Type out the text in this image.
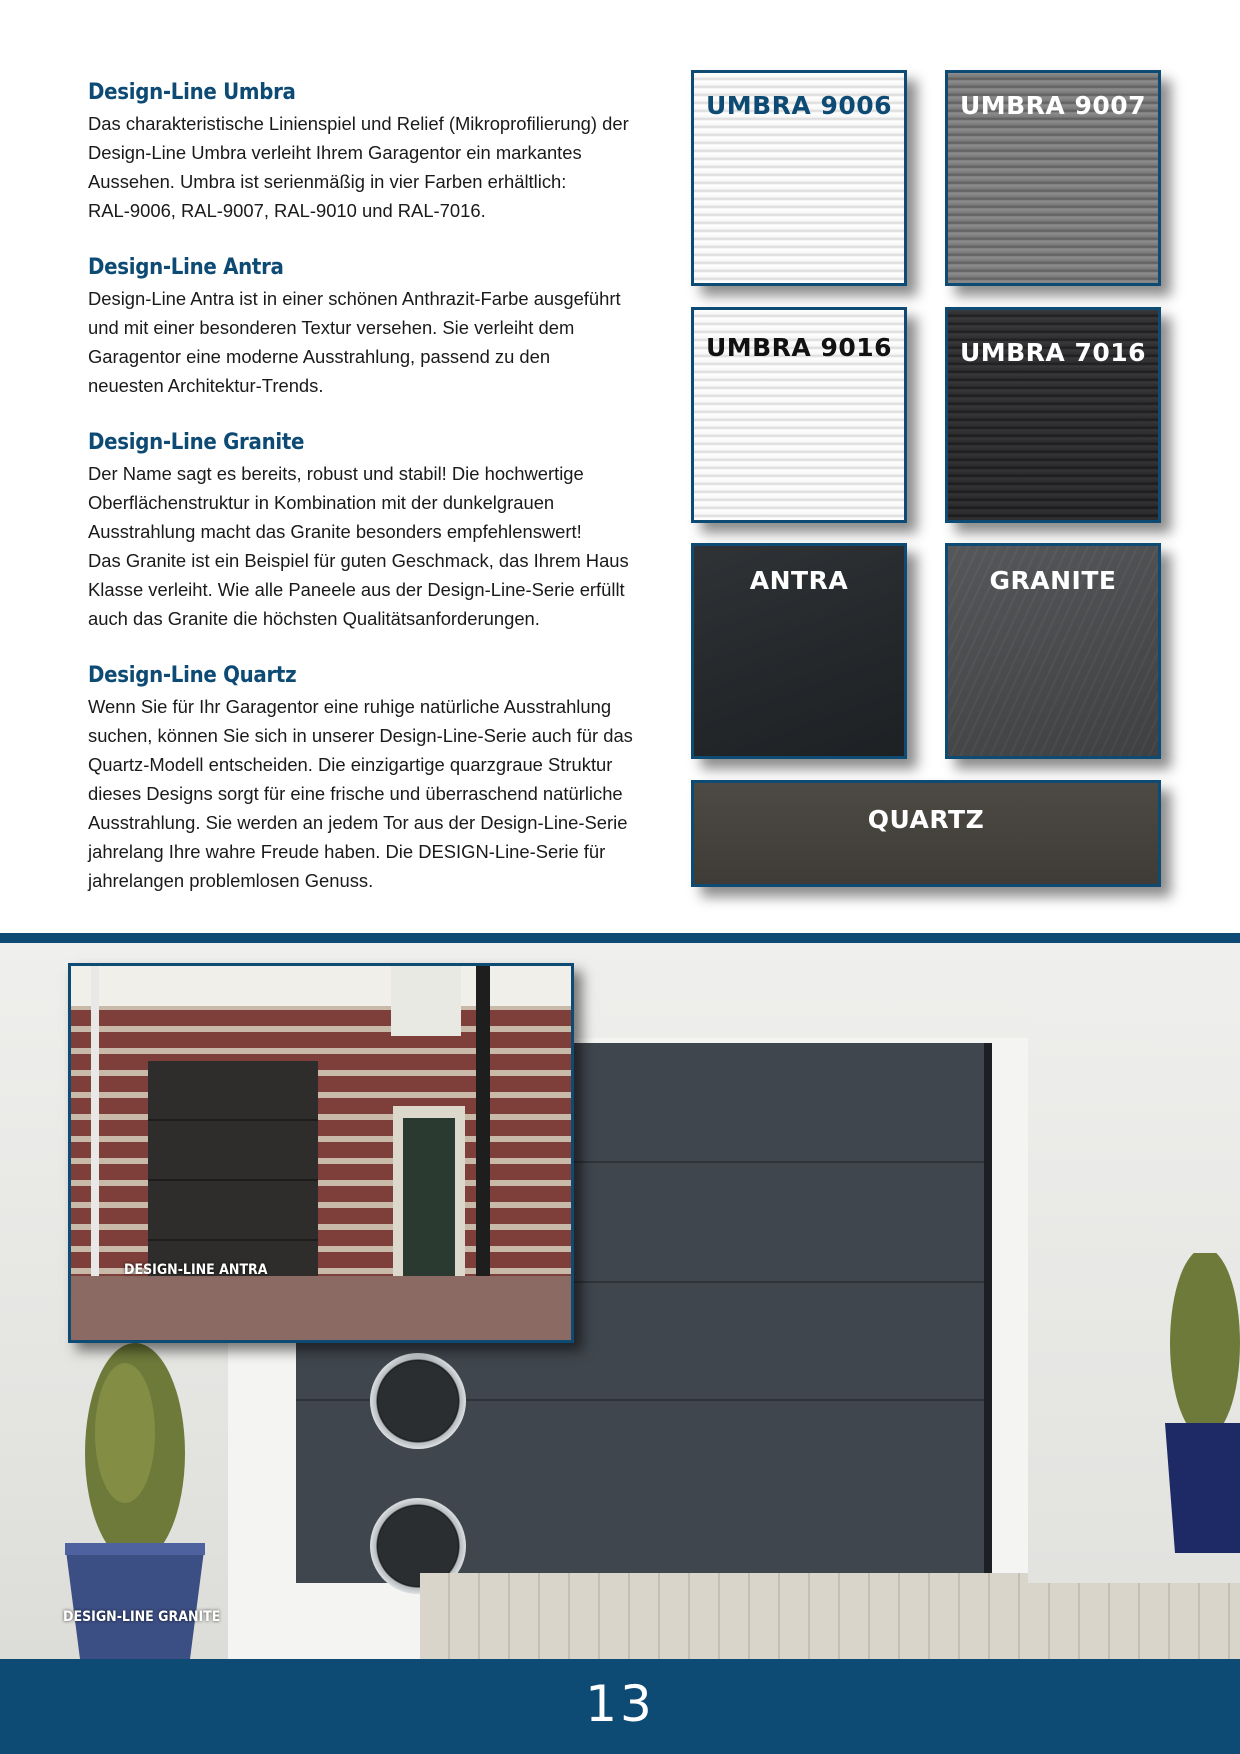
Design-Line Umbra

Das charakteristische Linienspiel und Relief (Mikroprofilierung) der
Design-Line Umbra verleiht Ihrem Garagentor ein markantes
Aussehen. Umbra ist serienmäßig in vier Farben erhältlich:
RAL-9006, RAL-9007, RAL-9010 und RAL-7016.

Design-Line Antra

Design-Line Antra ist in einer schönen Anthrazit-Farbe ausgeführt
und mit einer besonderen Textur versehen. Sie verleiht dem
Garagentor eine moderne Ausstrahlung, passend zu den
neuesten Architektur-Trends.

Design-Line Granite

Der Name sagt es bereits, robust und stabil! Die hochwertige
Oberflächenstruktur in Kombination mit der dunkelgrauen
Ausstrahlung macht das Granite besonders empfehlenswert!
Das Granite ist ein Beispiel für guten Geschmack, das Ihrem Haus
Klasse verleiht. Wie alle Paneele aus der Design-Line-Serie erfüllt
auch das Granite die höchsten Qualitätsanforderungen.

Design-Line Quartz

Wenn Sie für Ihr Garagentor eine ruhige natürliche Ausstrahlung
suchen, können Sie sich in unserer Design-Line-Serie auch für das
Quartz-Modell entscheiden. Die einzigartige quarzgraue Struktur
dieses Designs sorgt für eine frische und überraschend natürliche
Ausstrahlung. Sie werden an jedem Tor aus der Design-Line-Serie
jahrelang Ihre wahre Freude haben. Die DESIGN-Line-Serie für
jahrelangen problemlosen Genuss.

UMBRA 9006	UMBRA 9007
UMBRA 9016	UMBRA 7016
ANTRA	GRANITE
QUARTZ
DESIGN-LINE GRANITE
DESIGN-LINE ANTRA
13
